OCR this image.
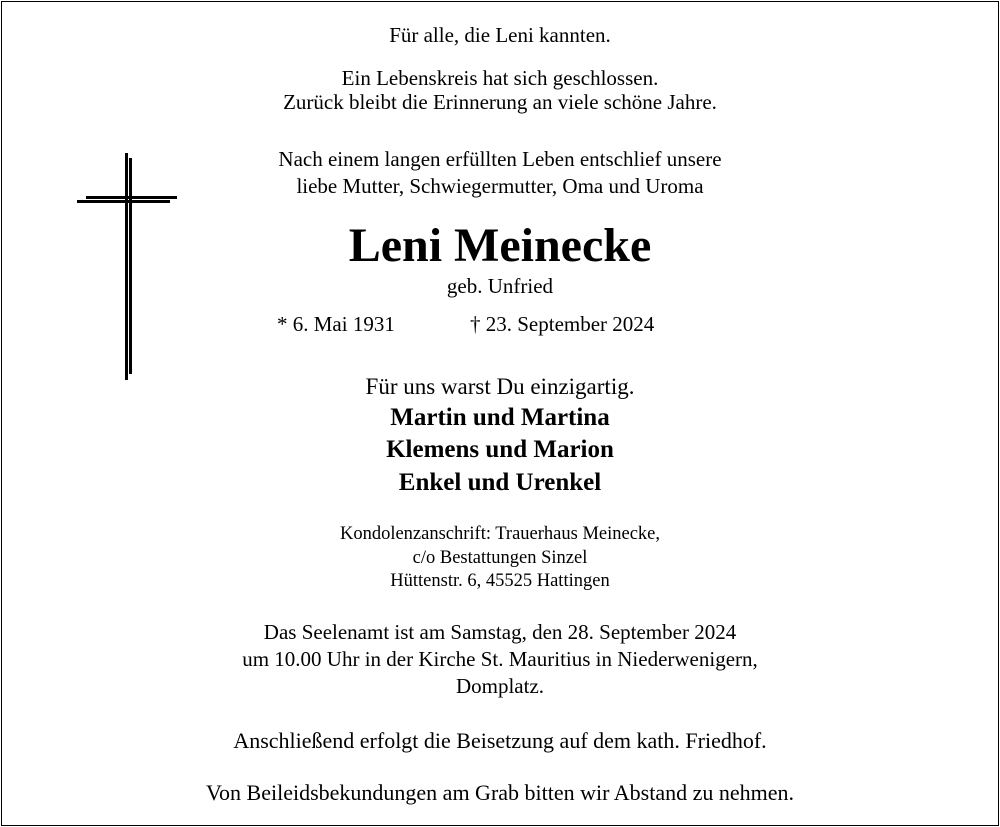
Für alle, die Leni kannten.
Ein Lebenskreis hat sich geschlossen.
Zurück bleibt die Erinnerung an viele schöne Jahre.
Nach einem langen erfüllten Leben entschlief unsere
liebe Mutter, Schwiegermutter, Oma und Uroma
Leni Meinecke
geb. Unfried
* 6. Mai 1931	† 23. September 2024
Für uns warst Du einzigartig.
Martin und Martina
Klemens und Marion
Enkel und Urenkel
Kondolenzanschrift: Trauerhaus Meinecke,
c/o Bestattungen Sinzel
Hüttenstr. 6, 45525 Hattingen
Das Seelenamt ist am Samstag, den 28. September 2024
um 10.00 Uhr in der Kirche St. Mauritius in Niederwenigern,
Domplatz.
Anschließend erfolgt die Beisetzung auf dem kath. Friedhof.
Von Beileidsbekundungen am Grab bitten wir Abstand zu nehmen.
